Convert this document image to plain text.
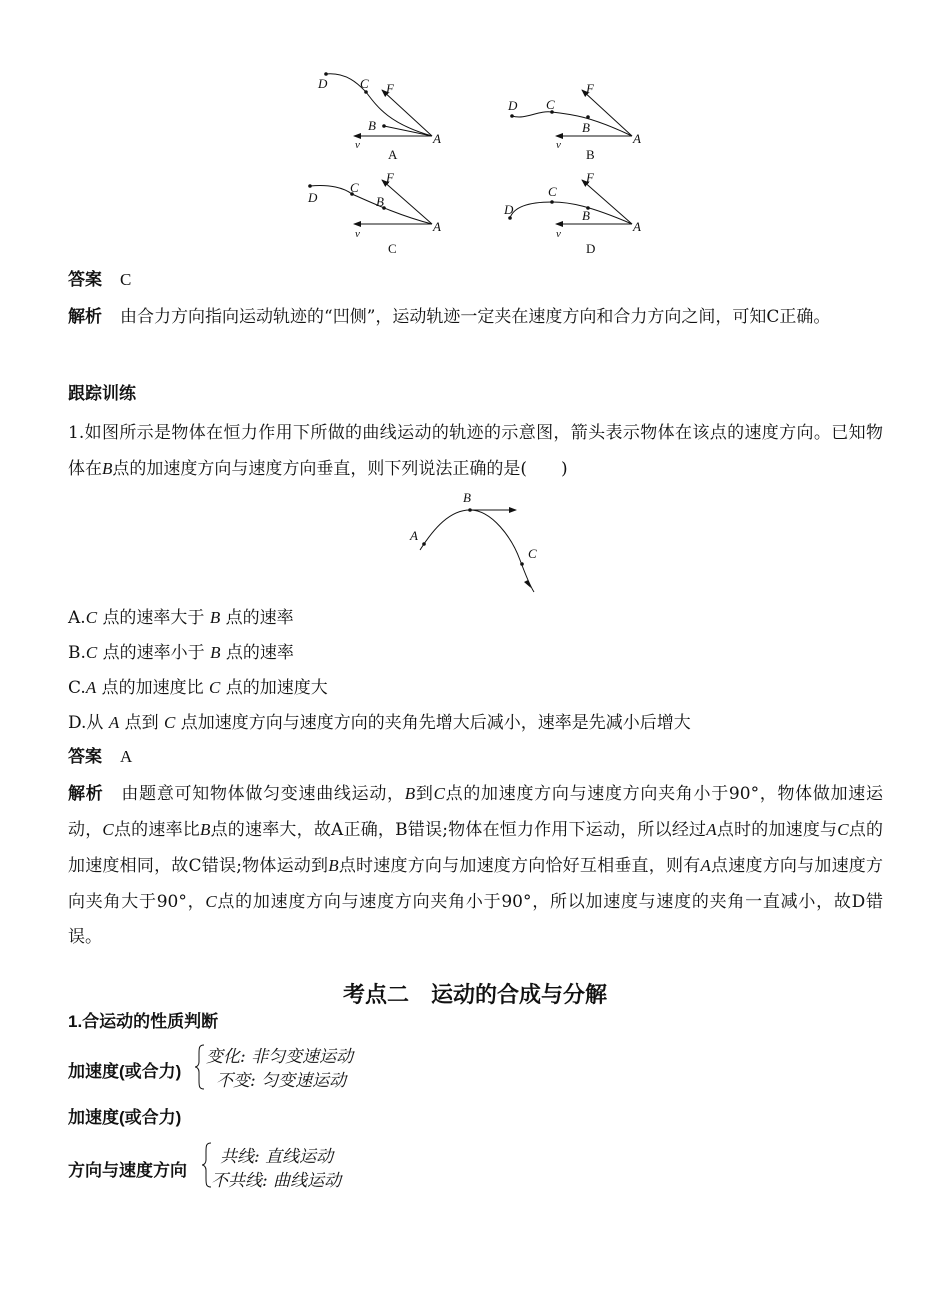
D	C F
B
A
v
A
D C
F
B
A
v
B
D
C
F
B
A
v
C
D
C
F
B
A
v
D
答案 C
解析 由合力方向指向运动轨迹的“凹侧”，运动轨迹一定夹在速度方向和合力方向之间，可知C正确。
跟踪训练
1.如图所示是物体在恒力作用下所做的曲线运动的轨迹的示意图，箭头表示物体在该点的速度方向。已知物体在B点的加速度方向与速度方向垂直，则下列说法正确的是(　　)
A
B
C
A.C 点的速率大于 B 点的速率
B.C 点的速率小于 B 点的速率
C.A 点的加速度比 C 点的加速度大
D.从 A 点到 C 点加速度方向与速度方向的夹角先增大后减小，速率是先减小后增大
答案 A
解析 由题意可知物体做匀变速曲线运动，B到C点的加速度方向与速度方向夹角小于90°，物体做加速运动，C点的速率比B点的速率大，故A正确，B错误;物体在恒力作用下运动，所以经过A点时的加速度与C点的加速度相同，故C错误;物体运动到B点时速度方向与加速度方向恰好互相垂直，则有A点速度方向与加速度方向夹角大于90°，C点的加速度方向与速度方向夹角小于90°，所以加速度与速度的夹角一直减小，故D错误。
考点二　运动的合成与分解
1.合运动的性质判断
加速度(或合力)
变化: 非匀变速运动
不变: 匀变速运动
加速度(或合力)
方向与速度方向
共线: 直线运动
不共线: 曲线运动
